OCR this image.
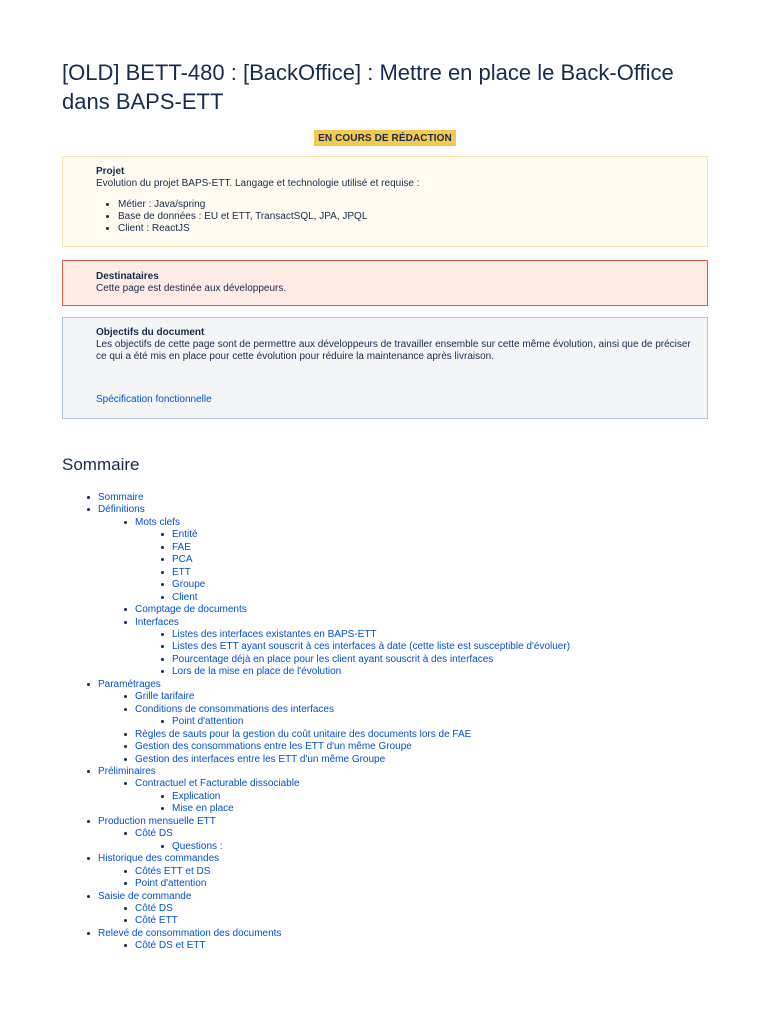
[OLD] BETT-480 : [BackOffice] : Mettre en place le Back-Office
dans BAPS-ETT
EN COURS DE RÉDACTION
Projet
Evolution du projet BAPS-ETT. Langage et technologie utilisé et requise :
• Métier : Java/spring
• Base de données : EU et ETT, TransactSQL, JPA, JPQL
• Client : ReactJS
Destinataires
Cette page est destinée aux développeurs.
Objectifs du document
Les objectifs de cette page sont de permettre aux développeurs de travailler ensemble sur cette même évolution, ainsi que de préciser ce qui a été mis en place pour cette évolution pour réduire la maintenance après livraison.
Spécification fonctionnelle
Sommaire
Sommaire
Définitions
Mots clefs
Entité
FAE
PCA
ETT
Groupe
Client
Comptage de documents
Interfaces
Listes des interfaces existantes en BAPS-ETT
Listes des ETT ayant souscrit à ces interfaces à date (cette liste est susceptible d'évoluer)
Pourcentage déjà en place pour les client ayant souscrit à des interfaces
Lors de la mise en place de l'évolution
Paramétrages
Grille tarifaire
Conditions de consommations des interfaces
Point d'attention
Règles de sauts pour la gestion du coût unitaire des documents lors de FAE
Gestion des consommations entre les ETT d'un même Groupe
Gestion des interfaces entre les ETT d'un même Groupe
Préliminaires
Contractuel et Facturable dissociable
Explication
Mise en place
Production mensuelle ETT
Côté DS
Questions :
Historique des commandes
Côtés ETT et DS
Point d'attention
Saisie de commande
Côté DS
Côté ETT
Relevé de consommation des documents
Côté DS et ETT
